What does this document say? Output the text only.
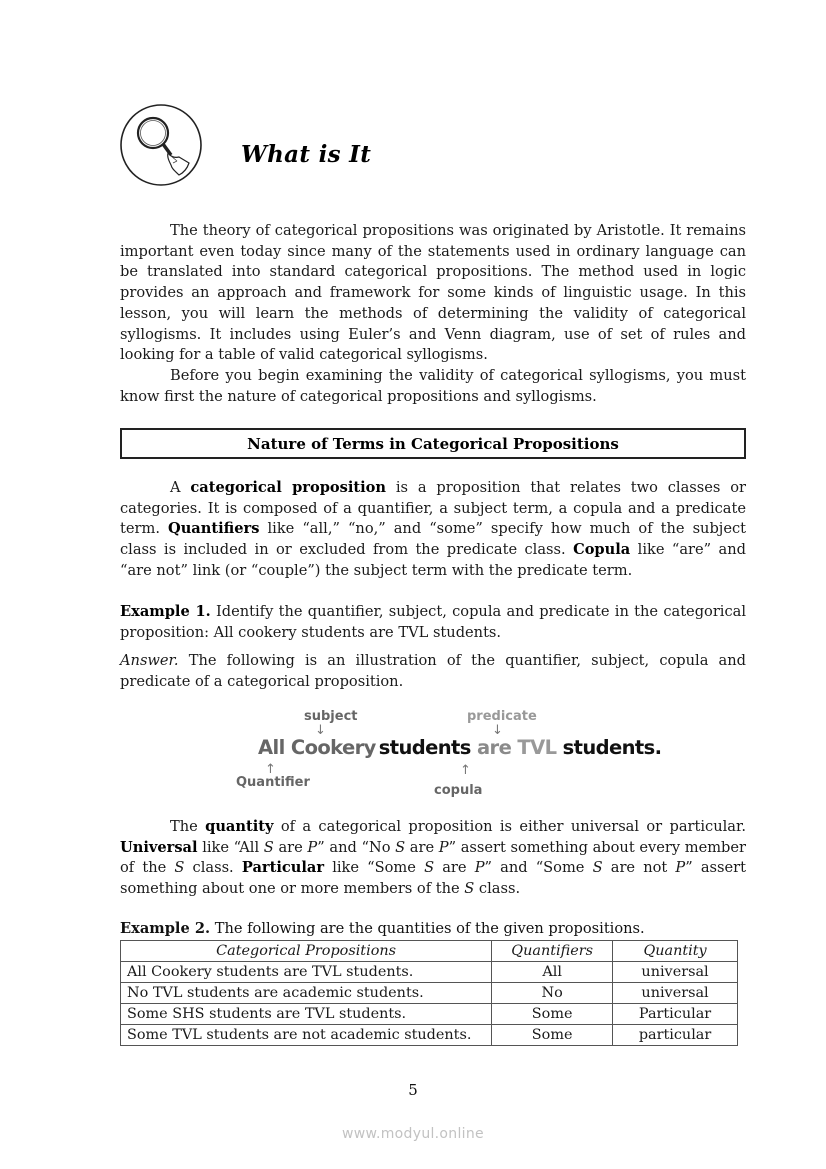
What is It
The theory of categorical propositions was originated by Aristotle. It remains important even today since many of the statements used in ordinary language can be translated into standard categorical propositions. The method used in logic provides an approach and framework for some kinds of linguistic usage. In this lesson, you will learn the methods of determining the validity of categorical syllogisms. It includes using Euler’s and Venn diagram, use of set of rules and looking for a table of valid categorical syllogisms.
Before you begin examining the validity of categorical syllogisms, you must know first the nature of categorical propositions and syllogisms.
Nature of Terms in Categorical Propositions
A categorical proposition is a proposition that relates two classes or categories. It is composed of a quantifier, a subject term, a copula and a predicate term. Quantifiers like “all,” “no,” and “some” specify how much of the subject class is included in or excluded from the predicate class. Copula like “are” and “are not” link (or “couple”) the subject term with the predicate term.
Example 1. Identify the quantifier, subject, copula and predicate in the categorical proposition: All cookery students are TVL students.
Answer. The following is an illustration of the quantifier, subject, copula and predicate of a categorical proposition.
subject
↓
predicate
↓
All Cookery students are TVL students.
↑
Quantifier
↑
copula
The quantity of a categorical proposition is either universal or particular. Universal like “All S are P” and “No S are P” assert something about every member of the S class. Particular like “Some S are P” and “Some S are not P” assert something about one or more members of the S class.
Example 2. The following are the quantities of the given propositions.
Categorical Propositions	Quantifiers	Quantity
All Cookery students are TVL students.	All	universal
No TVL students are academic students.	No	universal
Some SHS students are TVL students.	Some	Particular
Some TVL students are not academic students.	Some	particular
5
www.modyul.online
